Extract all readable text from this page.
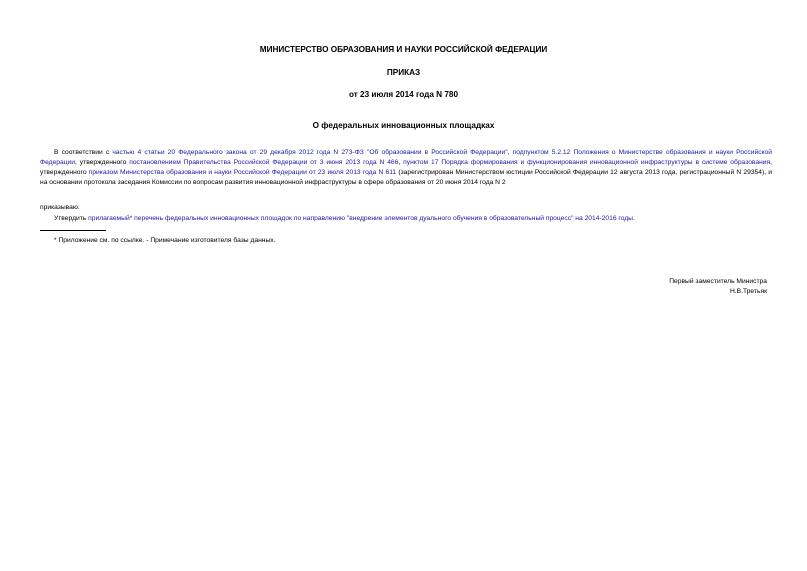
МИНИСТЕРСТВО ОБРАЗОВАНИЯ И НАУКИ РОССИЙСКОЙ ФЕДЕРАЦИИ

ПРИКАЗ

от 23 июля 2014 года N 780

О федеральных инновационных площадках

В соответствии с частью 4 статьи 20 Федерального закона от 29 декабря 2012 года N 273-ФЗ "Об образовании в Российской Федерации", подпунктом 5.2.12 Положения о Министерстве образования и науки Российской Федерации, утвержденного постановлением Правительства Российской Федерации от 3 июня 2013 года N 466, пунктом 17 Порядка формирования и функционирования инновационной инфраструктуры в системе образования, утвержденного приказом Министерства образования и науки Российской Федерации от 23 июля 2013 года N 611 (зарегистрирован Министерством юстиции Российской Федерации 12 августа 2013 года, регистрационный N 29354), и на основании протокола заседания Комиссии по вопросам развития инновационной инфраструктуры в сфере образования от 20 июня 2014 года N 2

приказываю:

Утвердить прилагаемый* перечень федеральных инновационных площадок по направлению "внедрение элементов дуального обучения в образовательный процесс" на 2014-2016 годы.

* Приложение см. по ссылке. - Примечание изготовителя базы данных.

Первый заместитель Министра

Н.В.Третьяк
